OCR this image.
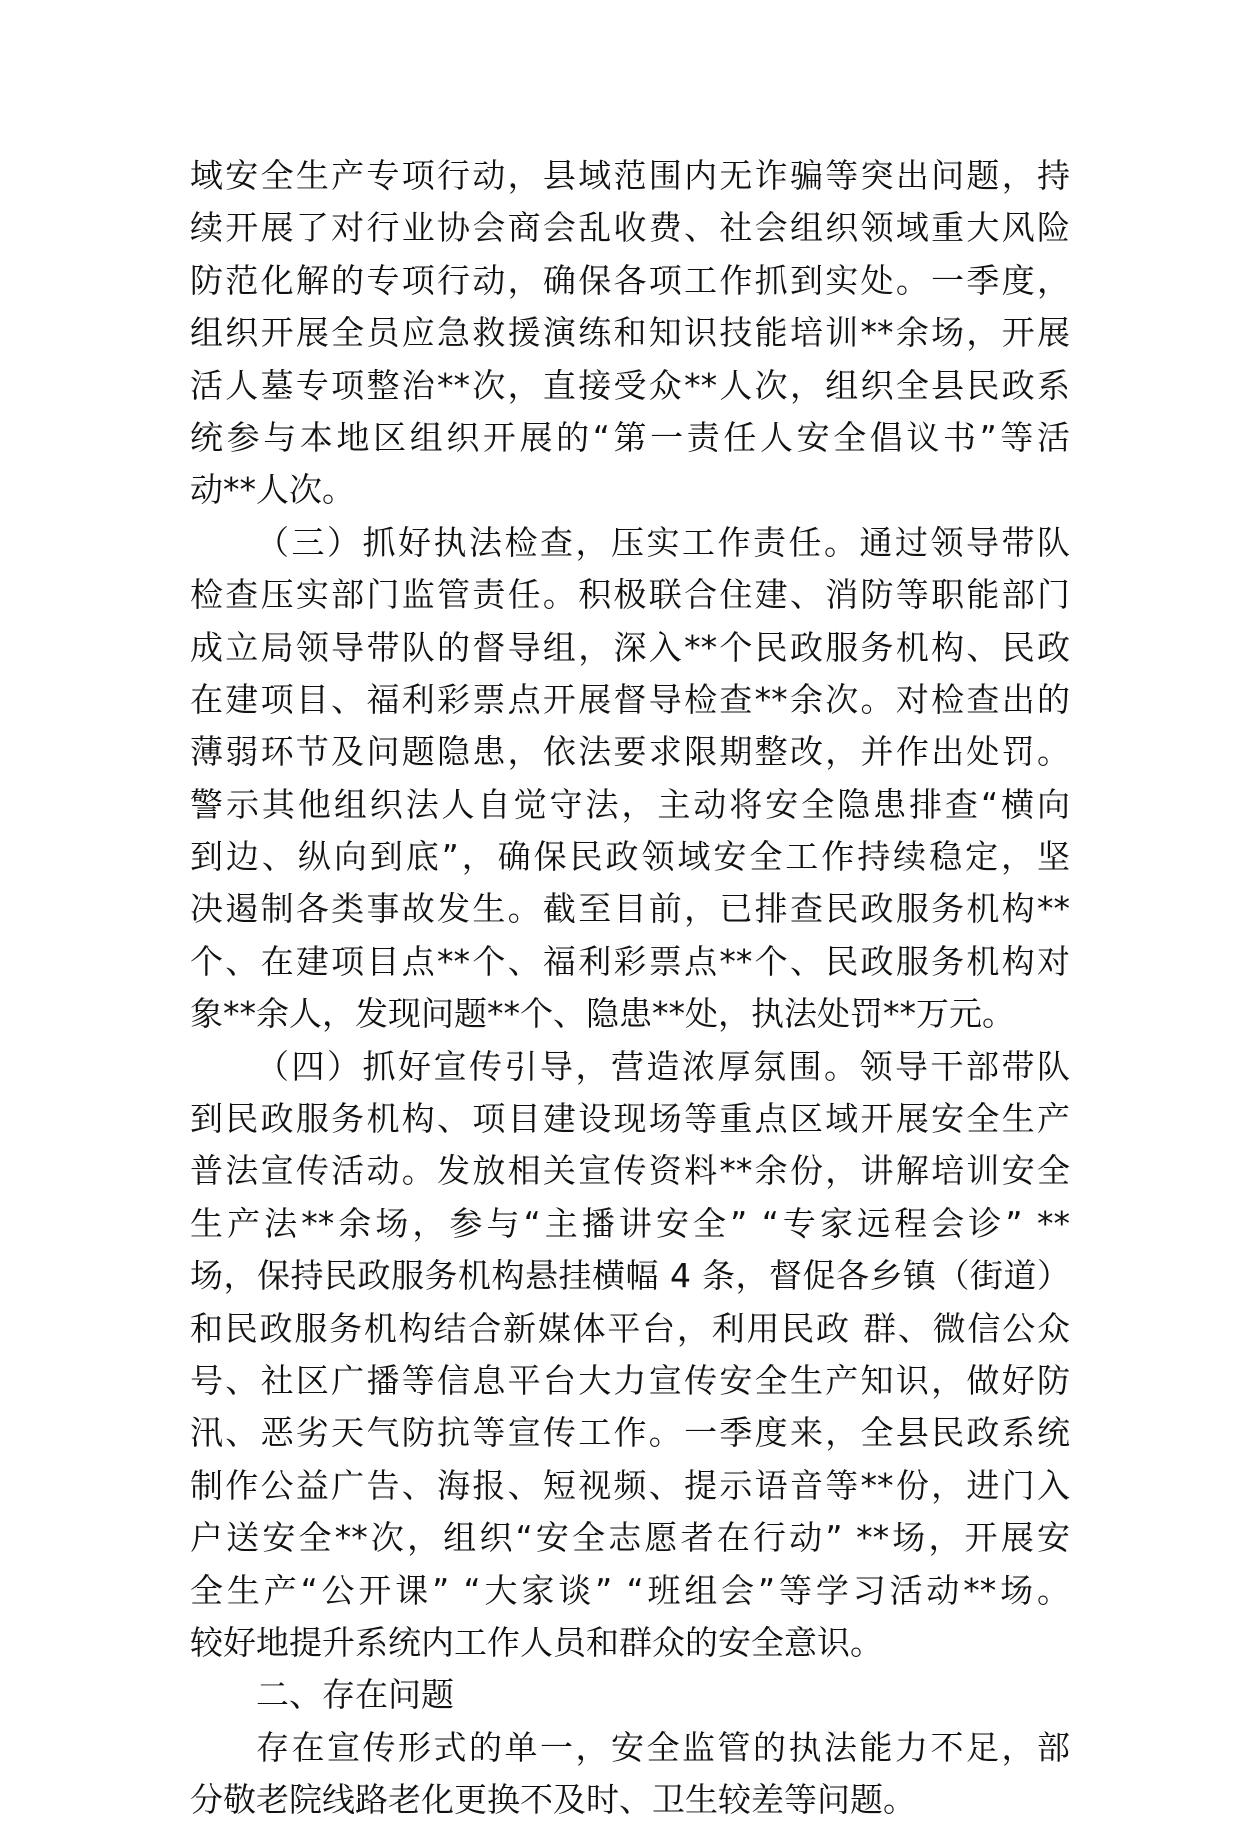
域安全生产专项行动，县域范围内无诈骗等突出问题，持
续开展了对行业协会商会乱收费、社会组织领域重大风险
防范化解的专项行动，确保各项工作抓到实处。一季度，
组织开展全员应急救援演练和知识技能培训**余场，开展
活人墓专项整治**次，直接受众**人次，组织全县民政系
统参与本地区组织开展的“第一责任人安全倡议书”等活
动**人次。
（三）抓好执法检查，压实工作责任。通过领导带队
检查压实部门监管责任。积极联合住建、消防等职能部门
成立局领导带队的督导组，深入**个民政服务机构、民政
在建项目、福利彩票点开展督导检查**余次。对检查出的
薄弱环节及问题隐患，依法要求限期整改，并作出处罚。
警示其他组织法人自觉守法，主动将安全隐患排查“横向
到边、纵向到底”，确保民政领域安全工作持续稳定，坚
决遏制各类事故发生。截至目前，已排查民政服务机构**
个、在建项目点**个、福利彩票点**个、民政服务机构对
象**余人，发现问题**个、隐患**处，执法处罚**万元。
（四）抓好宣传引导，营造浓厚氛围。领导干部带队
到民政服务机构、项目建设现场等重点区域开展安全生产
普法宣传活动。发放相关宣传资料**余份，讲解培训安全
生产法**余场，参与“主播讲安全” “专家远程会诊” **
场，保持民政服务机构悬挂横幅 4 条，督促各乡镇（街道）
和民政服务机构结合新媒体平台，利用民政 群、微信公众
号、社区广播等信息平台大力宣传安全生产知识，做好防
汛、恶劣天气防抗等宣传工作。一季度来，全县民政系统
制作公益广告、海报、短视频、提示语音等**份，进门入
户送安全**次，组织“安全志愿者在行动” **场，开展安
全生产“公开课” “大家谈” “班组会”等学习活动**场。
较好地提升系统内工作人员和群众的安全意识。
二、存在问题
存在宣传形式的单一，安全监管的执法能力不足，部
分敬老院线路老化更换不及时、卫生较差等问题。
